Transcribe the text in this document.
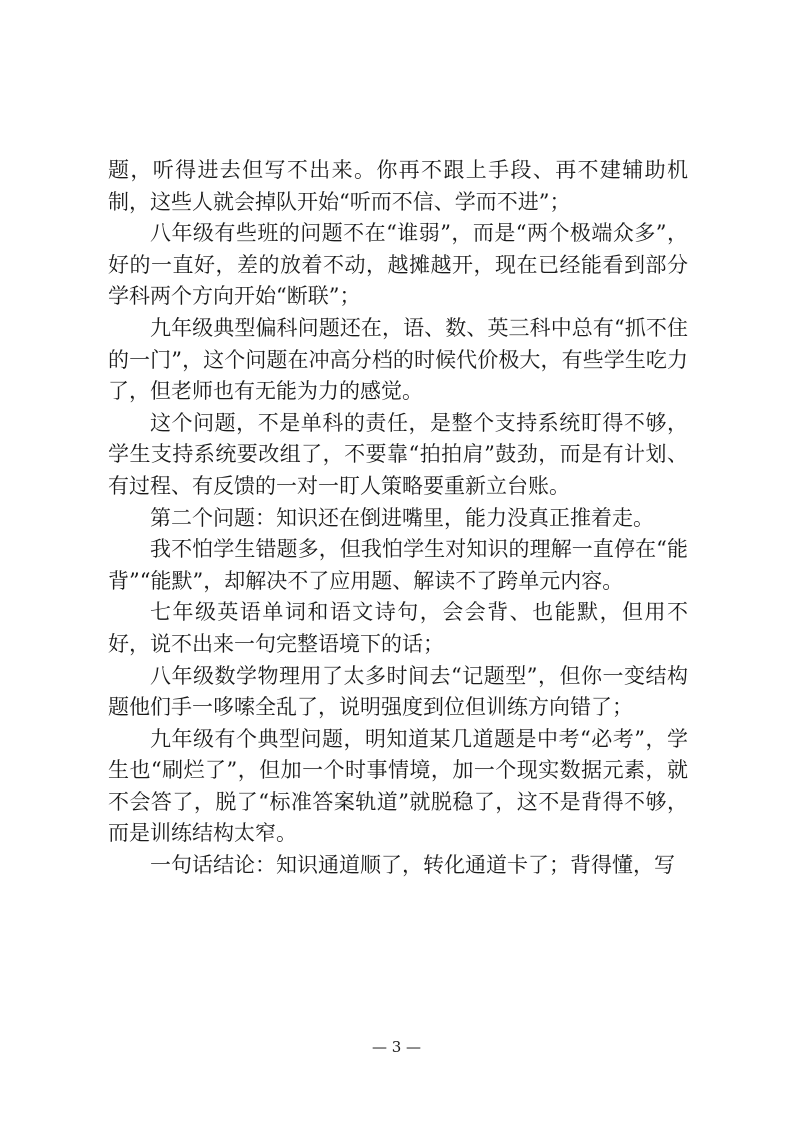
题，听得进去但写不出来。你再不跟上手段、再不建辅助机制，这些人就会掉队开始“听而不信、学而不进”；

八年级有些班的问题不在“谁弱”，而是“两个极端众多”，好的一直好，差的放着不动，越摊越开，现在已经能看到部分学科两个方向开始“断联”；

九年级典型偏科问题还在，语、数、英三科中总有“抓不住的一门”，这个问题在冲高分档的时候代价极大，有些学生吃力了，但老师也有无能为力的感觉。

这个问题，不是单科的责任，是整个支持系统盯得不够，学生支持系统要改组了，不要靠“拍拍肩”鼓劲，而是有计划、有过程、有反馈的一对一盯人策略要重新立台账。

第二个问题：知识还在倒进嘴里，能力没真正推着走。

我不怕学生错题多，但我怕学生对知识的理解一直停在“能背”“能默”，却解决不了应用题、解读不了跨单元内容。

七年级英语单词和语文诗句，会会背、也能默，但用不好，说不出来一句完整语境下的话；

八年级数学物理用了太多时间去“记题型”，但你一变结构题他们手一哆嗦全乱了，说明强度到位但训练方向错了；

九年级有个典型问题，明知道某几道题是中考“必考”，学生也“刷烂了”，但加一个时事情境，加一个现实数据元素，就不会答了，脱了“标准答案轨道”就脱稳了，这不是背得不够，而是训练结构太窄。

一句话结论：知识通道顺了，转化通道卡了；背得懂，写

— 3 —
